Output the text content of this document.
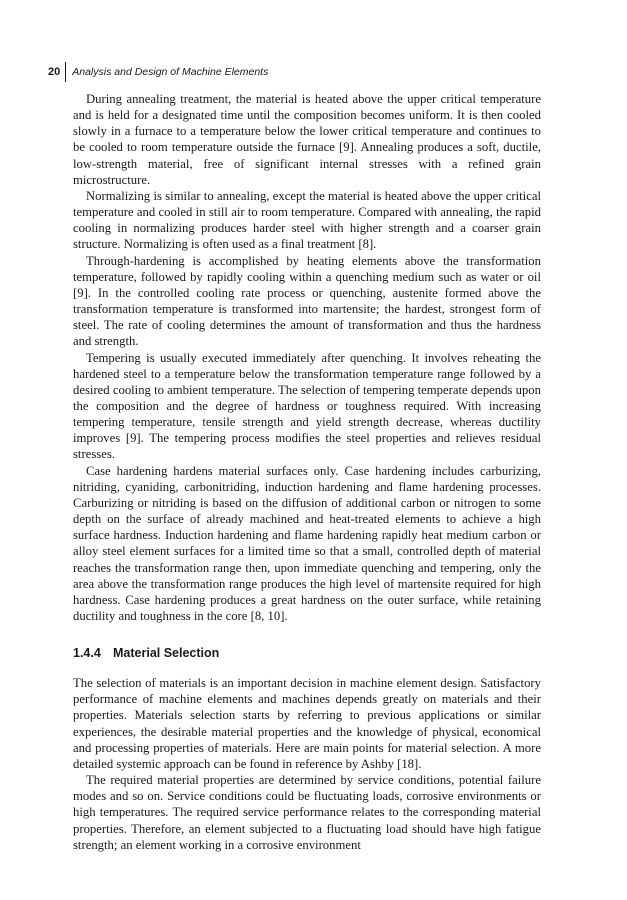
20	Analysis and Design of Machine Elements

During annealing treatment, the material is heated above the upper critical temperature and is held for a designated time until the composition becomes uniform. It is then cooled slowly in a furnace to a temperature below the lower critical temperature and continues to be cooled to room temperature outside the furnace [9]. Annealing produces a soft, ductile, low-strength material, free of significant internal stresses with a refined grain microstructure.

Normalizing is similar to annealing, except the material is heated above the upper critical temperature and cooled in still air to room temperature. Compared with annealing, the rapid cooling in normalizing produces harder steel with higher strength and a coarser grain structure. Normalizing is often used as a final treatment [8].

Through-hardening is accomplished by heating elements above the transformation temperature, followed by rapidly cooling within a quenching medium such as water or oil [9]. In the controlled cooling rate process or quenching, austenite formed above the transformation temperature is transformed into martensite; the hardest, strongest form of steel. The rate of cooling determines the amount of transformation and thus the hardness and strength.

Tempering is usually executed immediately after quenching. It involves reheating the hardened steel to a temperature below the transformation temperature range followed by a desired cooling to ambient temperature. The selection of tempering temperate depends upon the composition and the degree of hardness or toughness required. With increasing tempering temperature, tensile strength and yield strength decrease, whereas ductility improves [9]. The tempering process modifies the steel properties and relieves residual stresses.

Case hardening hardens material surfaces only. Case hardening includes carburizing, nitriding, cyaniding, carbonitriding, induction hardening and flame hardening processes. Carburizing or nitriding is based on the diffusion of additional carbon or nitrogen to some depth on the surface of already machined and heat-treated elements to achieve a high surface hardness. Induction hardening and flame hardening rapidly heat medium carbon or alloy steel element surfaces for a limited time so that a small, controlled depth of material reaches the transformation range then, upon immediate quenching and tempering, only the area above the transformation range produces the high level of martensite required for high hardness. Case hardening produces a great hardness on the outer surface, while retaining ductility and toughness in the core [8, 10].

1.4.4 Material Selection

The selection of materials is an important decision in machine element design. Satisfactory performance of machine elements and machines depends greatly on materials and their properties. Materials selection starts by referring to previous applications or similar experiences, the desirable material properties and the knowledge of physical, economical and processing properties of materials. Here are main points for material selection. A more detailed systemic approach can be found in reference by Ashby [18].

The required material properties are determined by service conditions, potential failure modes and so on. Service conditions could be fluctuating loads, corrosive environments or high temperatures. The required service performance relates to the corresponding material properties. Therefore, an element subjected to a fluctuating load should have high fatigue strength; an element working in a corrosive environment
